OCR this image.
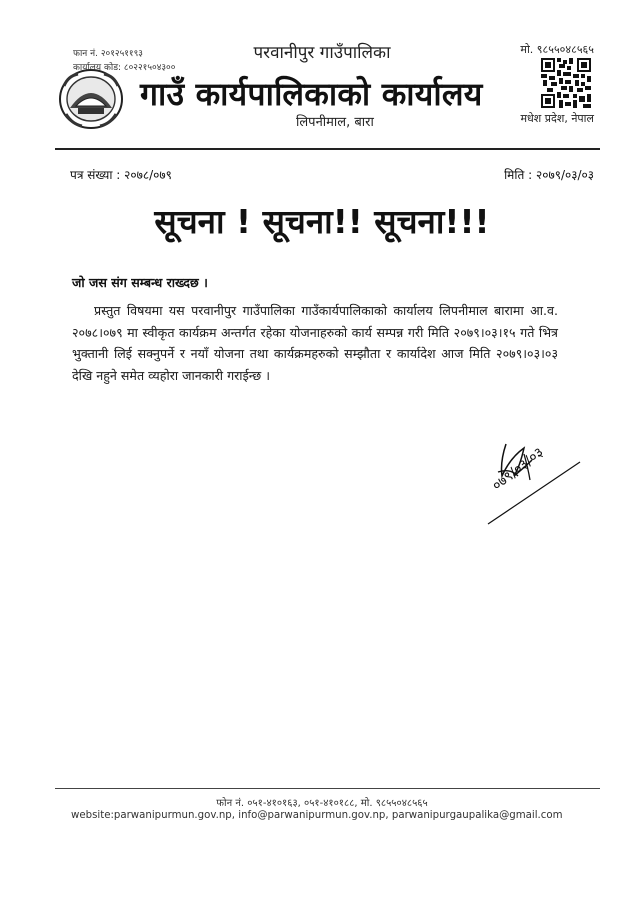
फान नं. २०१२५११९३
कार्यालय कोड: ८०२२१५०४३००
परवानीपुर गाउँपालिका
गाउँ कार्यपालिकाको कार्यालय
लिपनीमाल, बारा
मो. ९८५५०४८५६५
मधेश प्रदेश, नेपाल
पत्र संख्या : २०७८/०७९	मिति : २०७९/०३/०३
सूचना ! सूचना!! सूचना!!!
जो जस संग सम्बन्ध राख्दछ ।

प्रस्तुत विषयमा यस परवानीपुर गाउँपालिका गाउँकार्यपालिकाको कार्यालय लिपनीमाल बारामा आ.व. २०७८।०७९ मा स्वीकृत कार्यक्रम अन्तर्गत रहेका योजनाहरुको कार्य सम्पन्न गरी मिति २०७९।०३।१५ गते भित्र भुक्तानी लिई सक्नुपर्ने र नयाँ योजना तथा कार्यक्रमहरुको सम्झौता र कार्यादेश आज मिति २०७९।०३।०३ देखि नहुने समेत व्यहोरा जानकारी गराईन्छ ।

०७९/०३/०३
फोन नं. ०५१-४१०१६३, ०५१-४१०१८८, मो. ९८५५०४८५६५
website:parwanipurmun.gov.np, info@parwanipurmun.gov.np, parwanipurgaupalika@gmail.com
